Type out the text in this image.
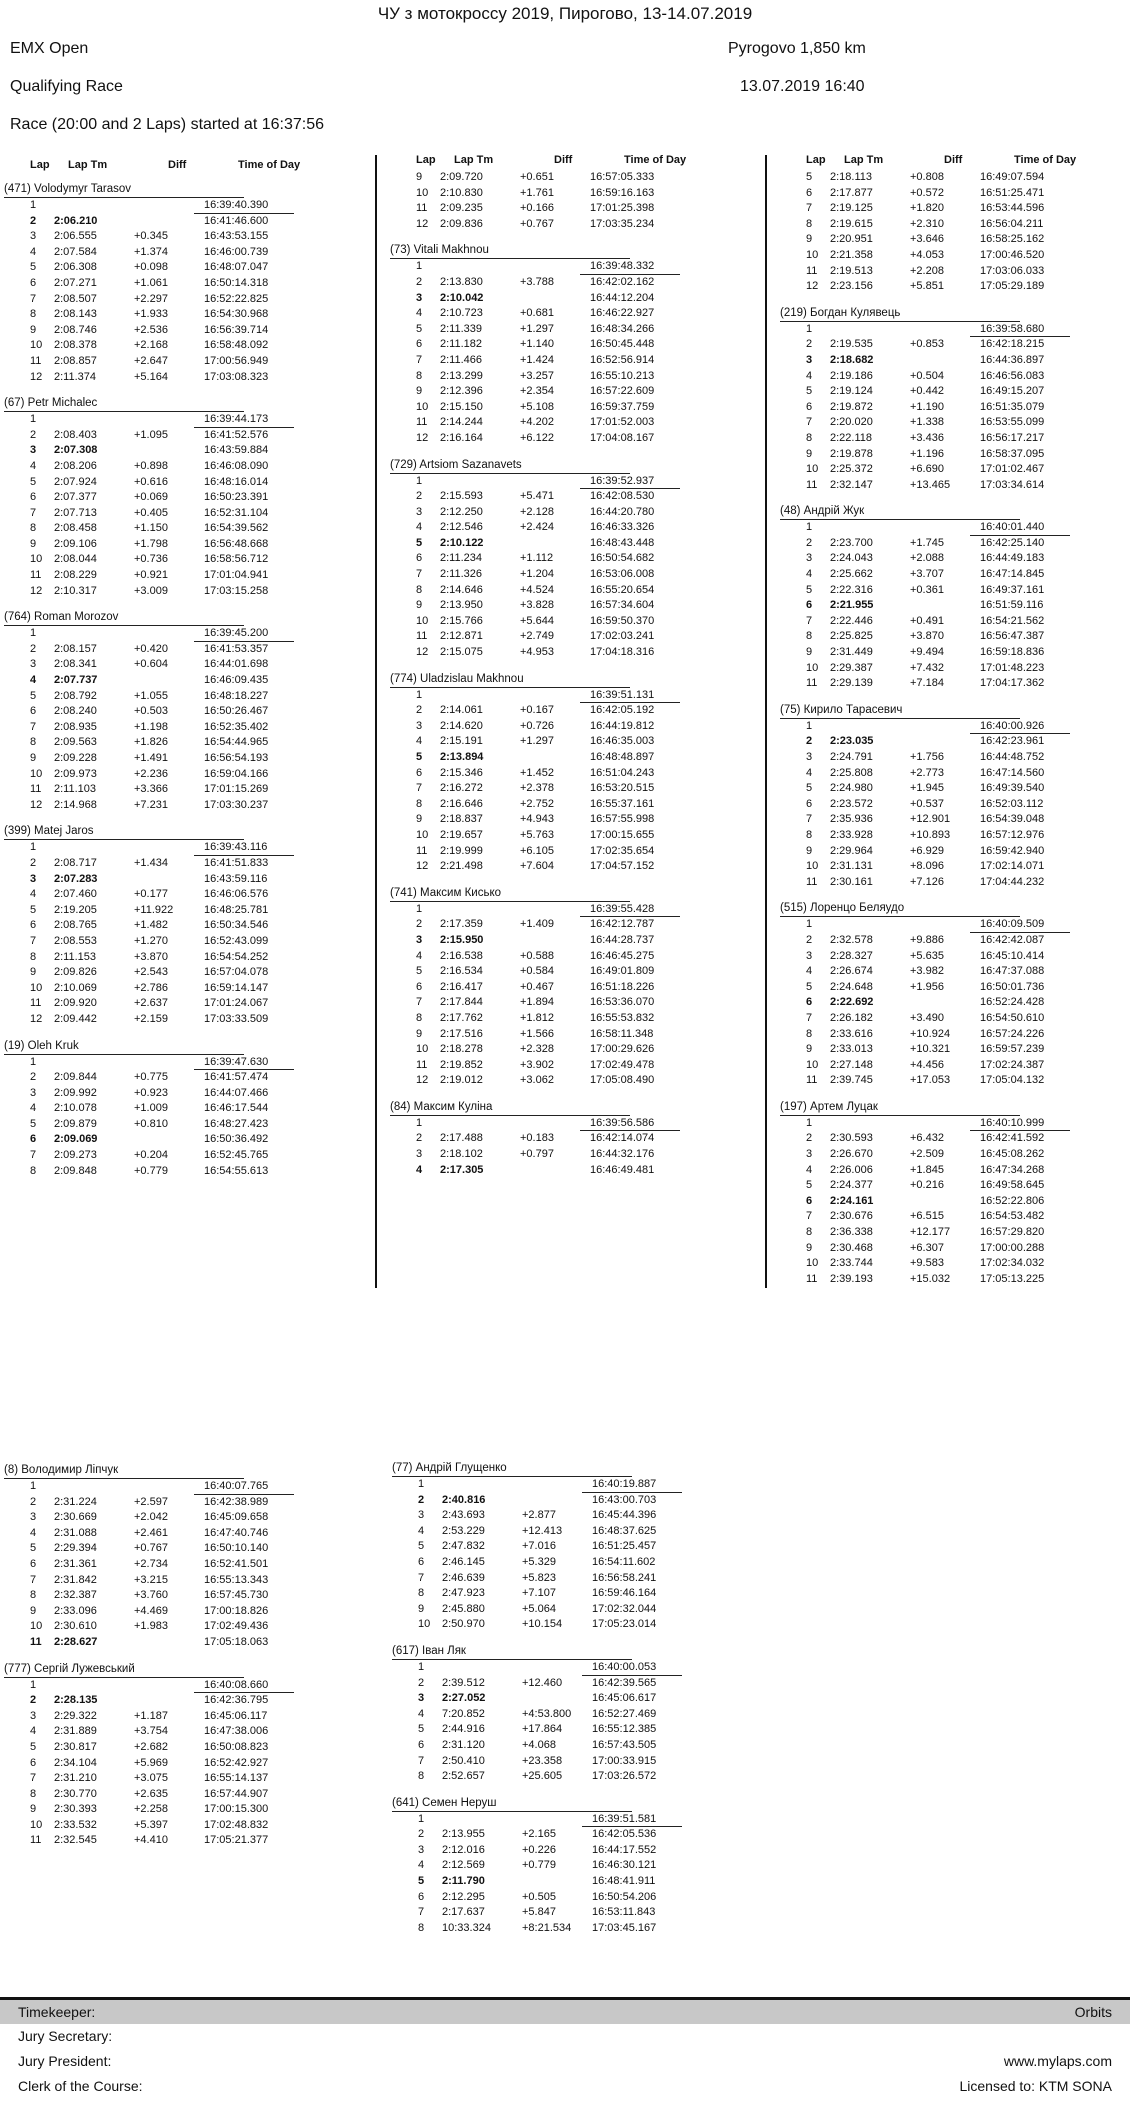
ЧУ з мотокроссу 2019, Пирогово, 13-14.07.2019
EMX Open	Pyrogovo 1,850 km
Qualifying Race	13.07.2019 16:40
Race (20:00 and 2 Laps) started at 16:37:56
Lap	Lap Tm	Diff	Time of Day
(471) Volodymyr Tarasov
1	16:39:40.390
2	2:06.210	16:41:46.600
3	2:06.555	+0.345	16:43:53.155
4	2:07.584	+1.374	16:46:00.739
5	2:06.308	+0.098	16:48:07.047
6	2:07.271	+1.061	16:50:14.318
7	2:08.507	+2.297	16:52:22.825
8	2:08.143	+1.933	16:54:30.968
9	2:08.746	+2.536	16:56:39.714
10	2:08.378	+2.168	16:58:48.092
11	2:08.857	+2.647	17:00:56.949
12	2:11.374	+5.164	17:03:08.323
(67) Petr Michalec
1	16:39:44.173
2	2:08.403	+1.095	16:41:52.576
3	2:07.308	16:43:59.884
4	2:08.206	+0.898	16:46:08.090
5	2:07.924	+0.616	16:48:16.014
6	2:07.377	+0.069	16:50:23.391
7	2:07.713	+0.405	16:52:31.104
8	2:08.458	+1.150	16:54:39.562
9	2:09.106	+1.798	16:56:48.668
10	2:08.044	+0.736	16:58:56.712
11	2:08.229	+0.921	17:01:04.941
12	2:10.317	+3.009	17:03:15.258
(764) Roman Morozov
1	16:39:45.200
2	2:08.157	+0.420	16:41:53.357
3	2:08.341	+0.604	16:44:01.698
4	2:07.737	16:46:09.435
5	2:08.792	+1.055	16:48:18.227
6	2:08.240	+0.503	16:50:26.467
7	2:08.935	+1.198	16:52:35.402
8	2:09.563	+1.826	16:54:44.965
9	2:09.228	+1.491	16:56:54.193
10	2:09.973	+2.236	16:59:04.166
11	2:11.103	+3.366	17:01:15.269
12	2:14.968	+7.231	17:03:30.237
(399) Matej Jaros
1	16:39:43.116
2	2:08.717	+1.434	16:41:51.833
3	2:07.283	16:43:59.116
4	2:07.460	+0.177	16:46:06.576
5	2:19.205	+11.922	16:48:25.781
6	2:08.765	+1.482	16:50:34.546
7	2:08.553	+1.270	16:52:43.099
8	2:11.153	+3.870	16:54:54.252
9	2:09.826	+2.543	16:57:04.078
10	2:10.069	+2.786	16:59:14.147
11	2:09.920	+2.637	17:01:24.067
12	2:09.442	+2.159	17:03:33.509
(19) Oleh Kruk
1	16:39:47.630
2	2:09.844	+0.775	16:41:57.474
3	2:09.992	+0.923	16:44:07.466
4	2:10.078	+1.009	16:46:17.544
5	2:09.879	+0.810	16:48:27.423
6	2:09.069	16:50:36.492
7	2:09.273	+0.204	16:52:45.765
8	2:09.848	+0.779	16:54:55.613
Lap	Lap Tm	Diff	Time of Day
9	2:09.720	+0.651	16:57:05.333
10	2:10.830	+1.761	16:59:16.163
11	2:09.235	+0.166	17:01:25.398
12	2:09.836	+0.767	17:03:35.234
(73) Vitali Makhnou
1	16:39:48.332
2	2:13.830	+3.788	16:42:02.162
3	2:10.042	16:44:12.204
4	2:10.723	+0.681	16:46:22.927
5	2:11.339	+1.297	16:48:34.266
6	2:11.182	+1.140	16:50:45.448
7	2:11.466	+1.424	16:52:56.914
8	2:13.299	+3.257	16:55:10.213
9	2:12.396	+2.354	16:57:22.609
10	2:15.150	+5.108	16:59:37.759
11	2:14.244	+4.202	17:01:52.003
12	2:16.164	+6.122	17:04:08.167
(729) Artsiom Sazanavets
1	16:39:52.937
2	2:15.593	+5.471	16:42:08.530
3	2:12.250	+2.128	16:44:20.780
4	2:12.546	+2.424	16:46:33.326
5	2:10.122	16:48:43.448
6	2:11.234	+1.112	16:50:54.682
7	2:11.326	+1.204	16:53:06.008
8	2:14.646	+4.524	16:55:20.654
9	2:13.950	+3.828	16:57:34.604
10	2:15.766	+5.644	16:59:50.370
11	2:12.871	+2.749	17:02:03.241
12	2:15.075	+4.953	17:04:18.316
(774) Uladzislau Makhnou
1	16:39:51.131
2	2:14.061	+0.167	16:42:05.192
3	2:14.620	+0.726	16:44:19.812
4	2:15.191	+1.297	16:46:35.003
5	2:13.894	16:48:48.897
6	2:15.346	+1.452	16:51:04.243
7	2:16.272	+2.378	16:53:20.515
8	2:16.646	+2.752	16:55:37.161
9	2:18.837	+4.943	16:57:55.998
10	2:19.657	+5.763	17:00:15.655
11	2:19.999	+6.105	17:02:35.654
12	2:21.498	+7.604	17:04:57.152
(741) Максим Кисько
1	16:39:55.428
2	2:17.359	+1.409	16:42:12.787
3	2:15.950	16:44:28.737
4	2:16.538	+0.588	16:46:45.275
5	2:16.534	+0.584	16:49:01.809
6	2:16.417	+0.467	16:51:18.226
7	2:17.844	+1.894	16:53:36.070
8	2:17.762	+1.812	16:55:53.832
9	2:17.516	+1.566	16:58:11.348
10	2:18.278	+2.328	17:00:29.626
11	2:19.852	+3.902	17:02:49.478
12	2:19.012	+3.062	17:05:08.490
(84) Максим Кулiна
1	16:39:56.586
2	2:17.488	+0.183	16:42:14.074
3	2:18.102	+0.797	16:44:32.176
4	2:17.305	16:46:49.481
Lap	Lap Tm	Diff	Time of Day
5	2:18.113	+0.808	16:49:07.594
6	2:17.877	+0.572	16:51:25.471
7	2:19.125	+1.820	16:53:44.596
8	2:19.615	+2.310	16:56:04.211
9	2:20.951	+3.646	16:58:25.162
10	2:21.358	+4.053	17:00:46.520
11	2:19.513	+2.208	17:03:06.033
12	2:23.156	+5.851	17:05:29.189
(219) Богдан Кулявець
1	16:39:58.680
2	2:19.535	+0.853	16:42:18.215
3	2:18.682	16:44:36.897
4	2:19.186	+0.504	16:46:56.083
5	2:19.124	+0.442	16:49:15.207
6	2:19.872	+1.190	16:51:35.079
7	2:20.020	+1.338	16:53:55.099
8	2:22.118	+3.436	16:56:17.217
9	2:19.878	+1.196	16:58:37.095
10	2:25.372	+6.690	17:01:02.467
11	2:32.147	+13.465	17:03:34.614
(48) Андрiй Жук
1	16:40:01.440
2	2:23.700	+1.745	16:42:25.140
3	2:24.043	+2.088	16:44:49.183
4	2:25.662	+3.707	16:47:14.845
5	2:22.316	+0.361	16:49:37.161
6	2:21.955	16:51:59.116
7	2:22.446	+0.491	16:54:21.562
8	2:25.825	+3.870	16:56:47.387
9	2:31.449	+9.494	16:59:18.836
10	2:29.387	+7.432	17:01:48.223
11	2:29.139	+7.184	17:04:17.362
(75) Кирило Тарасевич
1	16:40:00.926
2	2:23.035	16:42:23.961
3	2:24.791	+1.756	16:44:48.752
4	2:25.808	+2.773	16:47:14.560
5	2:24.980	+1.945	16:49:39.540
6	2:23.572	+0.537	16:52:03.112
7	2:35.936	+12.901	16:54:39.048
8	2:33.928	+10.893	16:57:12.976
9	2:29.964	+6.929	16:59:42.940
10	2:31.131	+8.096	17:02:14.071
11	2:30.161	+7.126	17:04:44.232
(515) Лоренцо Беляудо
1	16:40:09.509
2	2:32.578	+9.886	16:42:42.087
3	2:28.327	+5.635	16:45:10.414
4	2:26.674	+3.982	16:47:37.088
5	2:24.648	+1.956	16:50:01.736
6	2:22.692	16:52:24.428
7	2:26.182	+3.490	16:54:50.610
8	2:33.616	+10.924	16:57:24.226
9	2:33.013	+10.321	16:59:57.239
10	2:27.148	+4.456	17:02:24.387
11	2:39.745	+17.053	17:05:04.132
(197) Артем Луцак
1	16:40:10.999
2	2:30.593	+6.432	16:42:41.592
3	2:26.670	+2.509	16:45:08.262
4	2:26.006	+1.845	16:47:34.268
5	2:24.377	+0.216	16:49:58.645
6	2:24.161	16:52:22.806
7	2:30.676	+6.515	16:54:53.482
8	2:36.338	+12.177	16:57:29.820
9	2:30.468	+6.307	17:00:00.288
10	2:33.744	+9.583	17:02:34.032
11	2:39.193	+15.032	17:05:13.225
(8) Володимир Лiпчук
1	16:40:07.765
2	2:31.224	+2.597	16:42:38.989
3	2:30.669	+2.042	16:45:09.658
4	2:31.088	+2.461	16:47:40.746
5	2:29.394	+0.767	16:50:10.140
6	2:31.361	+2.734	16:52:41.501
7	2:31.842	+3.215	16:55:13.343
8	2:32.387	+3.760	16:57:45.730
9	2:33.096	+4.469	17:00:18.826
10	2:30.610	+1.983	17:02:49.436
11	2:28.627	17:05:18.063
(777) Сергiй Лужевський
1	16:40:08.660
2	2:28.135	16:42:36.795
3	2:29.322	+1.187	16:45:06.117
4	2:31.889	+3.754	16:47:38.006
5	2:30.817	+2.682	16:50:08.823
6	2:34.104	+5.969	16:52:42.927
7	2:31.210	+3.075	16:55:14.137
8	2:30.770	+2.635	16:57:44.907
9	2:30.393	+2.258	17:00:15.300
10	2:33.532	+5.397	17:02:48.832
11	2:32.545	+4.410	17:05:21.377
(77) Андрiй Глущенко
1	16:40:19.887
2	2:40.816	16:43:00.703
3	2:43.693	+2.877	16:45:44.396
4	2:53.229	+12.413	16:48:37.625
5	2:47.832	+7.016	16:51:25.457
6	2:46.145	+5.329	16:54:11.602
7	2:46.639	+5.823	16:56:58.241
8	2:47.923	+7.107	16:59:46.164
9	2:45.880	+5.064	17:02:32.044
10	2:50.970	+10.154	17:05:23.014
(617) Iван Ляк
1	16:40:00.053
2	2:39.512	+12.460	16:42:39.565
3	2:27.052	16:45:06.617
4	7:20.852	+4:53.800	16:52:27.469
5	2:44.916	+17.864	16:55:12.385
6	2:31.120	+4.068	16:57:43.505
7	2:50.410	+23.358	17:00:33.915
8	2:52.657	+25.605	17:03:26.572
(641) Семен Неруш
1	16:39:51.581
2	2:13.955	+2.165	16:42:05.536
3	2:12.016	+0.226	16:44:17.552
4	2:12.569	+0.779	16:46:30.121
5	2:11.790	16:48:41.911
6	2:12.295	+0.505	16:50:54.206
7	2:17.637	+5.847	16:53:11.843
8	10:33.324	+8:21.534	17:03:45.167
Timekeeper:	Orbits
Jury Secretary:
Jury President:	www.mylaps.com
Clerk of the Course:	Licensed to: KTM SONA
